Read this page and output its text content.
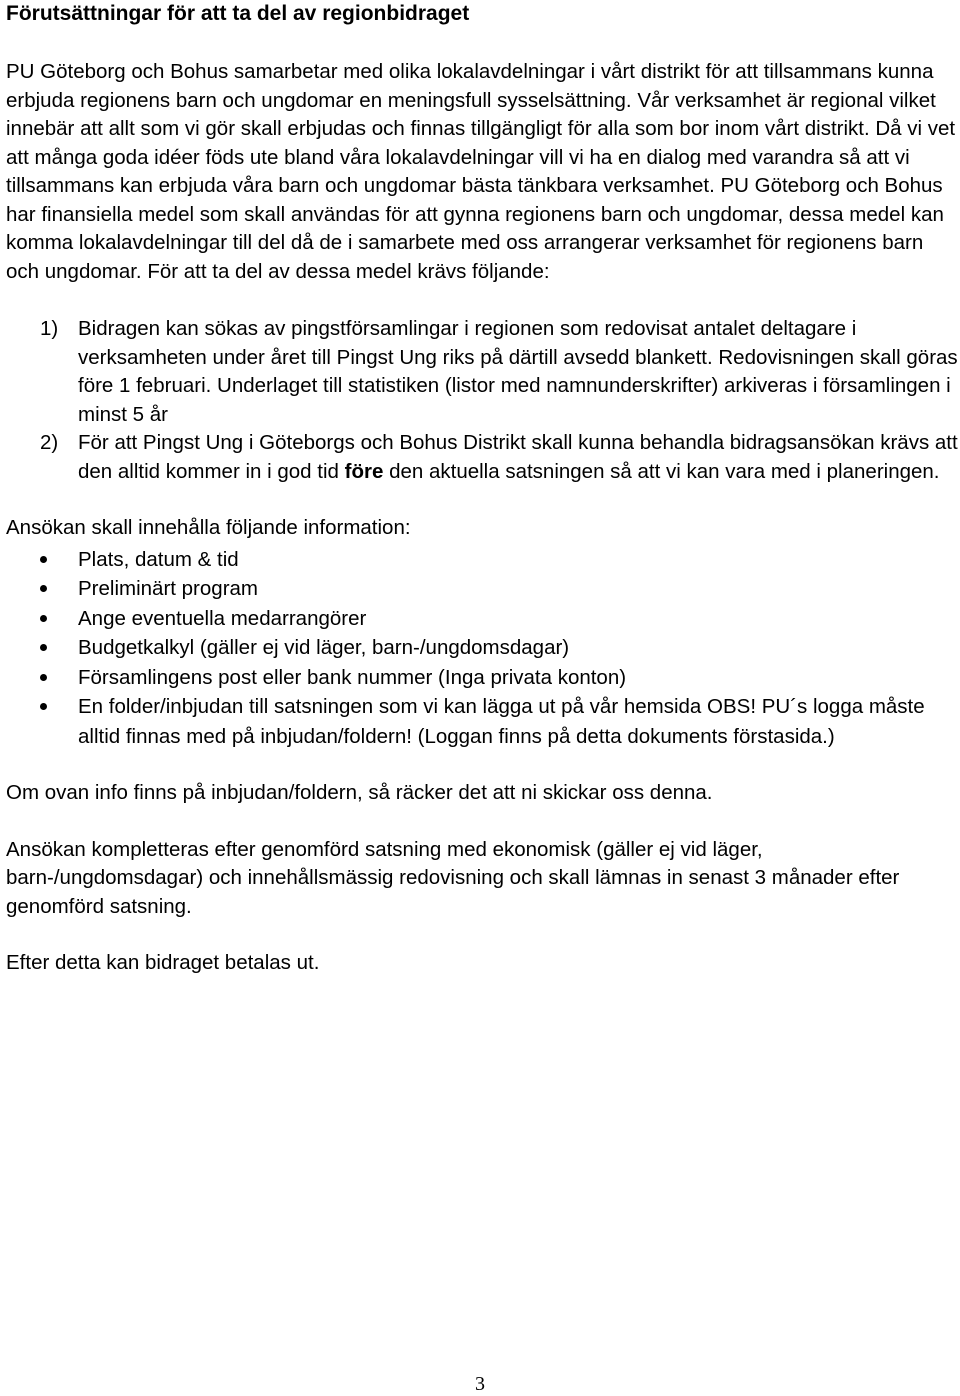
Förutsättningar för att ta del av regionbidraget

PU Göteborg och Bohus samarbetar med olika lokalavdelningar i vårt distrikt för att tillsammans kunna erbjuda regionens barn och ungdomar en meningsfull sysselsättning. Vår verksamhet är regional vilket innebär att allt som vi gör skall erbjudas och finnas tillgängligt för alla som bor inom vårt distrikt. Då vi vet att många goda idéer föds ute bland våra lokalavdelningar vill vi ha en dialog med varandra så att vi tillsammans kan erbjuda våra barn och ungdomar bästa tänkbara verksamhet. PU Göteborg och Bohus har finansiella medel som skall användas för att gynna regionens barn och ungdomar, dessa medel kan komma lokalavdelningar till del då de i samarbete med oss arrangerar verksamhet för regionens barn och ungdomar. För att ta del av dessa medel krävs följande:

1) Bidragen kan sökas av pingstförsamlingar i regionen som redovisat antalet deltagare i verksamheten under året till Pingst Ung riks på därtill avsedd blankett. Redovisningen skall göras före 1 februari. Underlaget till statistiken (listor med namnunderskrifter) arkiveras i församlingen i minst 5 år
2) För att Pingst Ung i Göteborgs och Bohus Distrikt skall kunna behandla bidragsansökan krävs att den alltid kommer in i god tid före den aktuella satsningen så att vi kan vara med i planeringen.

Ansökan skall innehålla följande information:

Plats, datum & tid
Preliminärt program
Ange eventuella medarrangörer
Budgetkalkyl (gäller ej vid läger, barn-/ungdomsdagar)
Församlingens post eller bank nummer (Inga privata konton)
En folder/inbjudan till satsningen som vi kan lägga ut på vår hemsida OBS! PU´s logga måste alltid finnas med på inbjudan/foldern! (Loggan finns på detta dokuments förstasida.)

Om ovan info finns på inbjudan/foldern, så räcker det att ni skickar oss denna.

Ansökan kompletteras efter genomförd satsning med ekonomisk (gäller ej vid läger, barn-/ungdomsdagar) och innehållsmässig redovisning och skall lämnas in senast 3 månader efter genomförd satsning.

Efter detta kan bidraget betalas ut.

3
